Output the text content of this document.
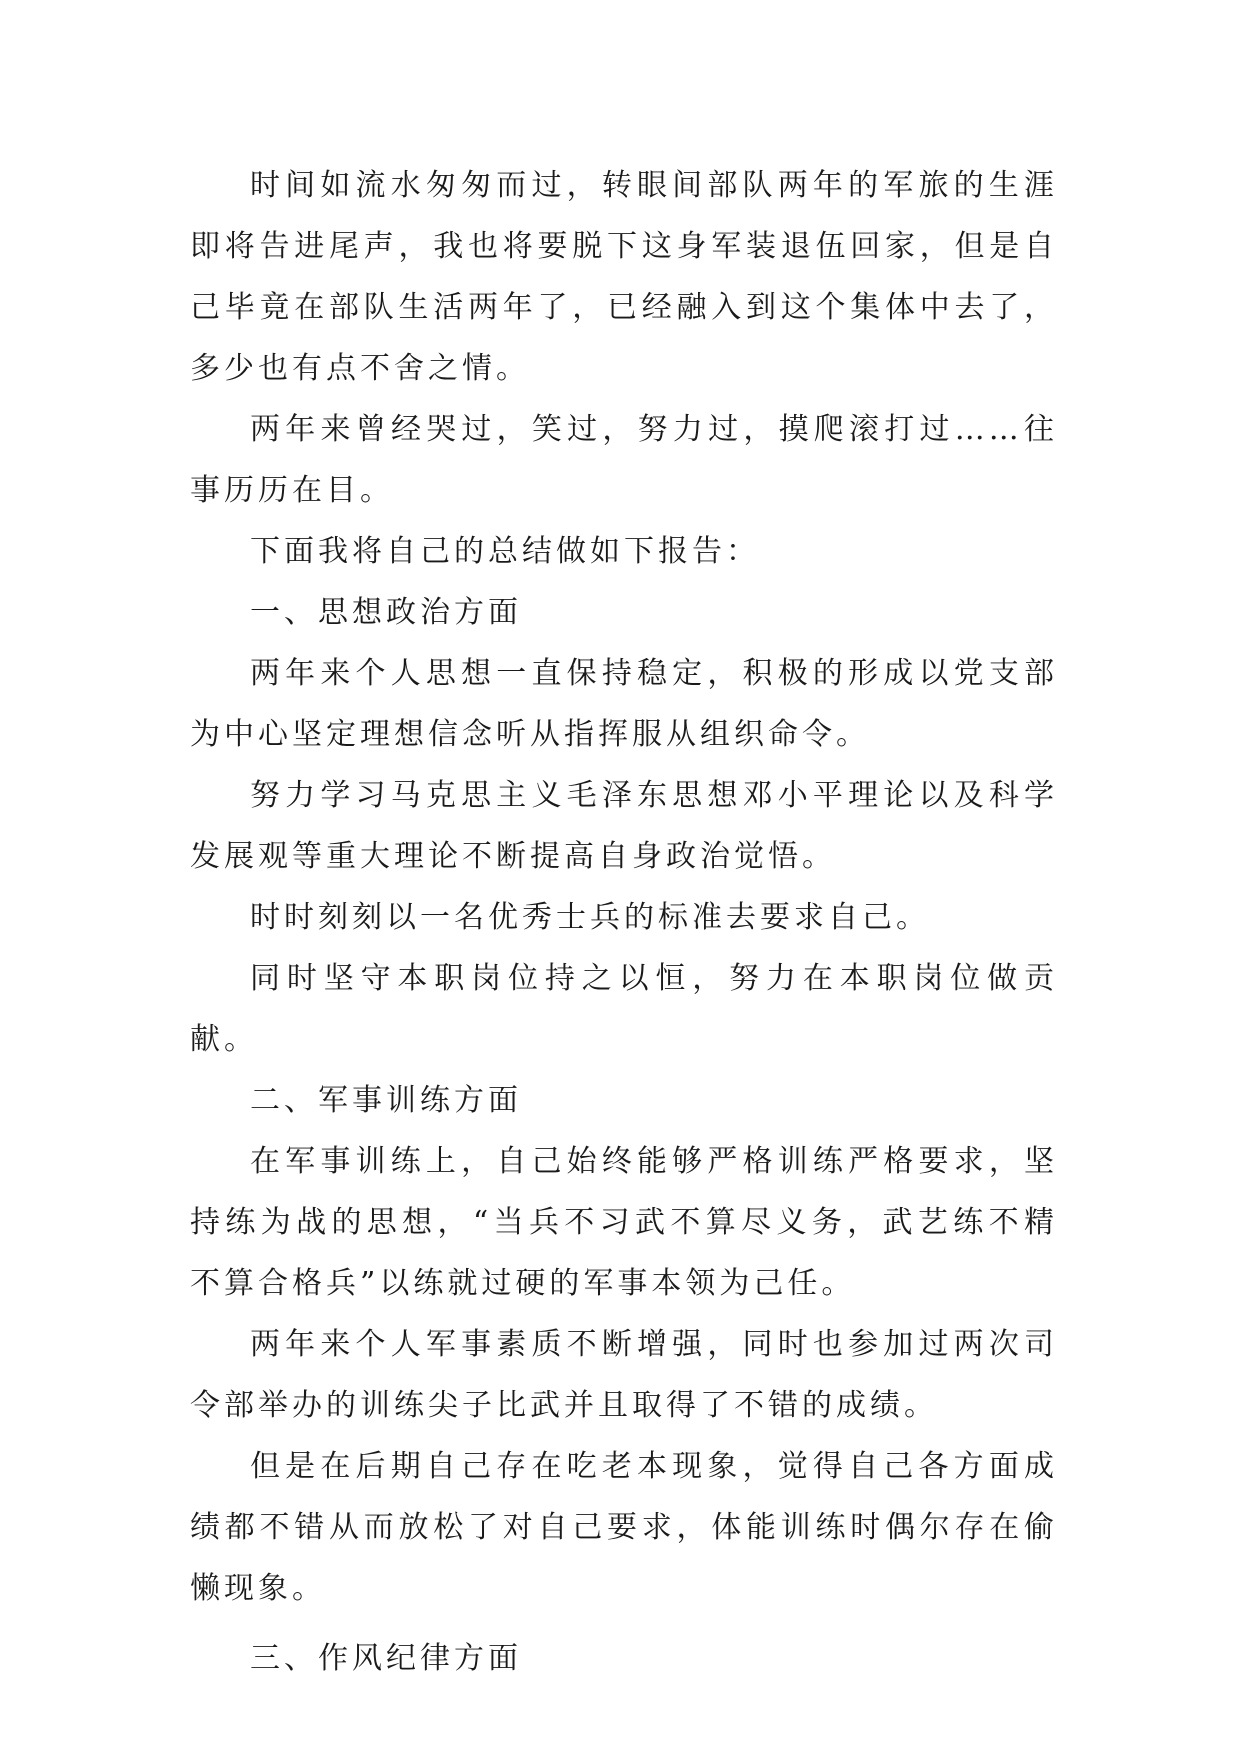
时间如流水匆匆而过，转眼间部队两年的军旅的生涯即将告进尾声，我也将要脱下这身军装退伍回家，但是自己毕竟在部队生活两年了，已经融入到这个集体中去了，多少也有点不舍之情。

两年来曾经哭过，笑过，努力过，摸爬滚打过……往事历历在目。

下面我将自己的总结做如下报告：

一、思想政治方面

两年来个人思想一直保持稳定，积极的形成以党支部为中心坚定理想信念听从指挥服从组织命令。

努力学习马克思主义毛泽东思想邓小平理论以及科学发展观等重大理论不断提高自身政治觉悟。

时时刻刻以一名优秀士兵的标准去要求自己。

同时坚守本职岗位持之以恒，努力在本职岗位做贡献。

二、军事训练方面

在军事训练上，自己始终能够严格训练严格要求，坚持练为战的思想，“当兵不习武不算尽义务，武艺练不精不算合格兵”以练就过硬的军事本领为己任。

两年来个人军事素质不断增强，同时也参加过两次司令部举办的训练尖子比武并且取得了不错的成绩。

但是在后期自己存在吃老本现象，觉得自己各方面成绩都不错从而放松了对自己要求，体能训练时偶尔存在偷懒现象。

三、作风纪律方面
